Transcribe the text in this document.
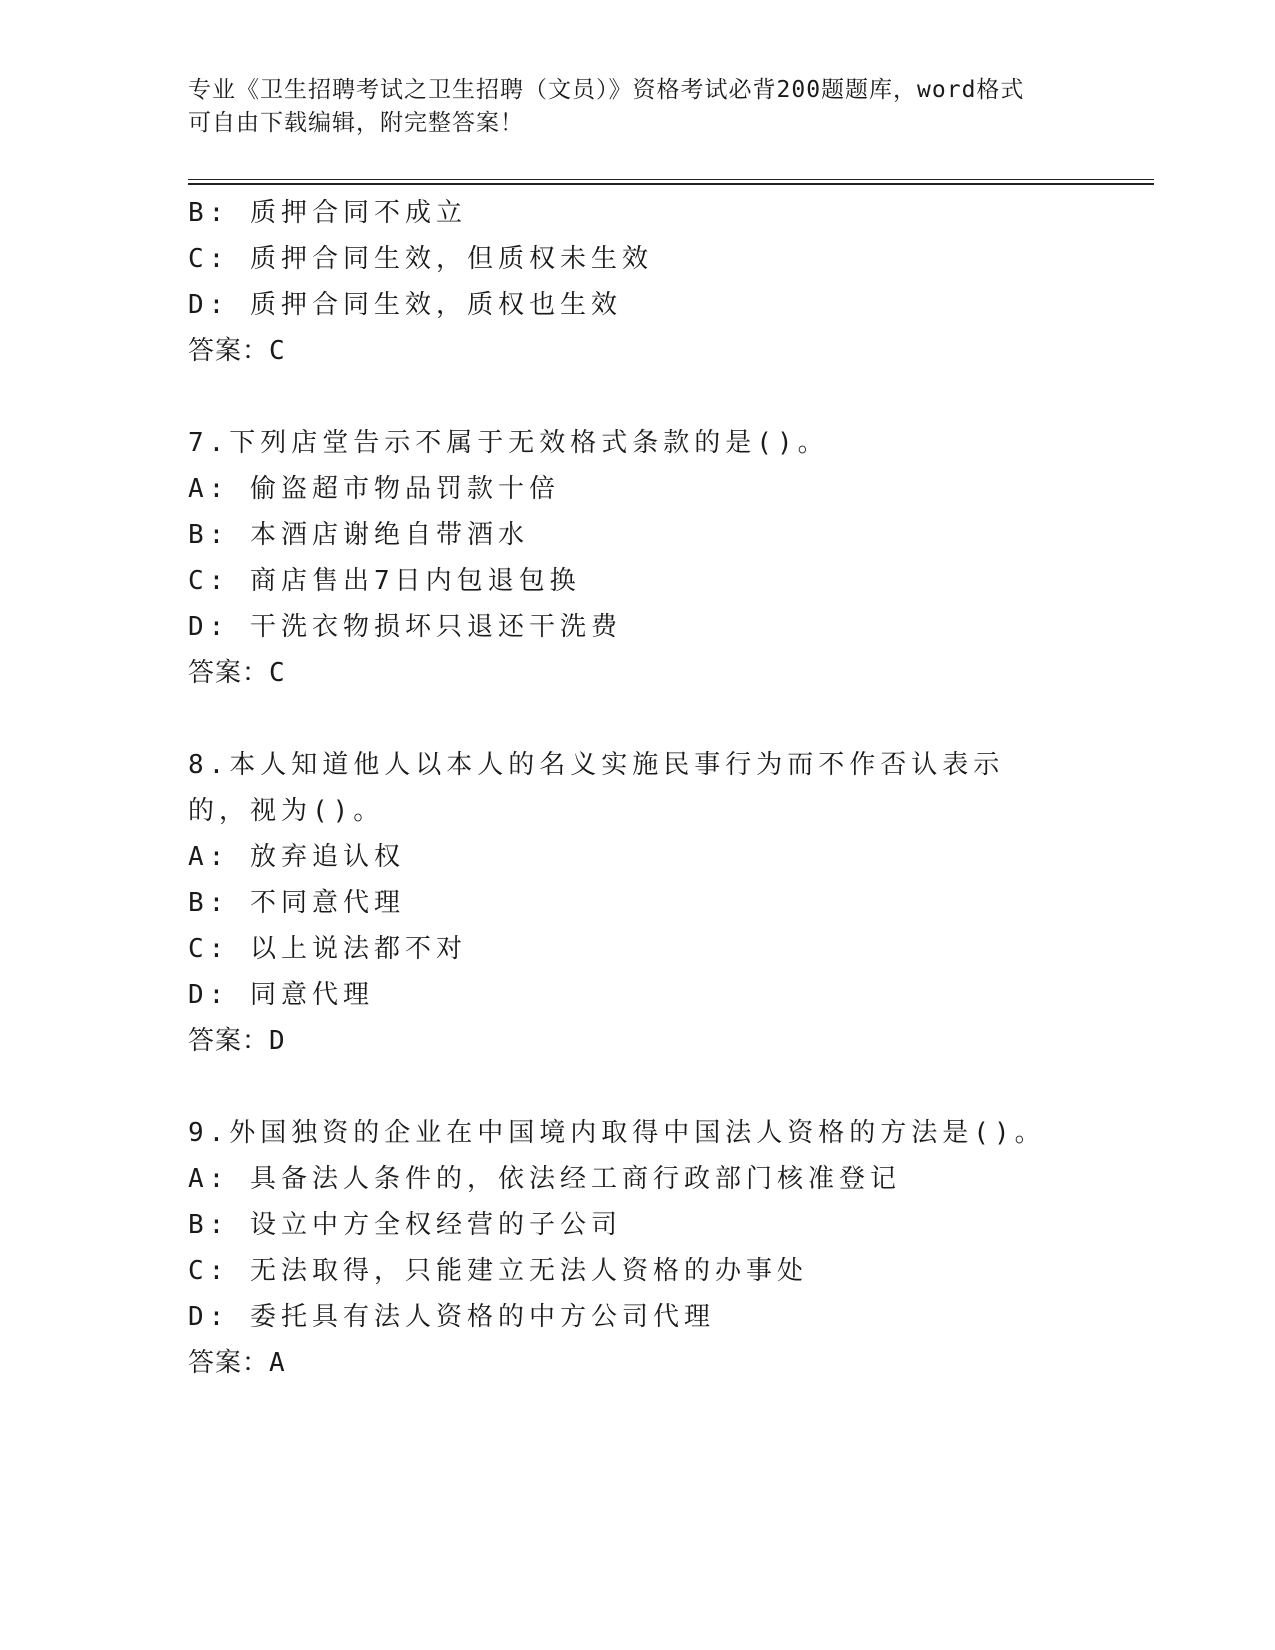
专业《卫生招聘考试之卫生招聘（文员）》资格考试必背200题题库，word格式
可自由下载编辑，附完整答案！
B: 质押合同不成立
C: 质押合同生效，但质权未生效
D: 质押合同生效，质权也生效
答案：C
7.下列店堂告示不属于无效格式条款的是()。
A: 偷盗超市物品罚款十倍
B: 本酒店谢绝自带酒水
C: 商店售出7日内包退包换
D: 干洗衣物损坏只退还干洗费
答案：C
8.本人知道他人以本人的名义实施民事行为而不作否认表示的，视为()。
A: 放弃追认权
B: 不同意代理
C: 以上说法都不对
D: 同意代理
答案：D
9.外国独资的企业在中国境内取得中国法人资格的方法是()。
A: 具备法人条件的，依法经工商行政部门核准登记
B: 设立中方全权经营的子公司
C: 无法取得，只能建立无法人资格的办事处
D: 委托具有法人资格的中方公司代理
答案：A
